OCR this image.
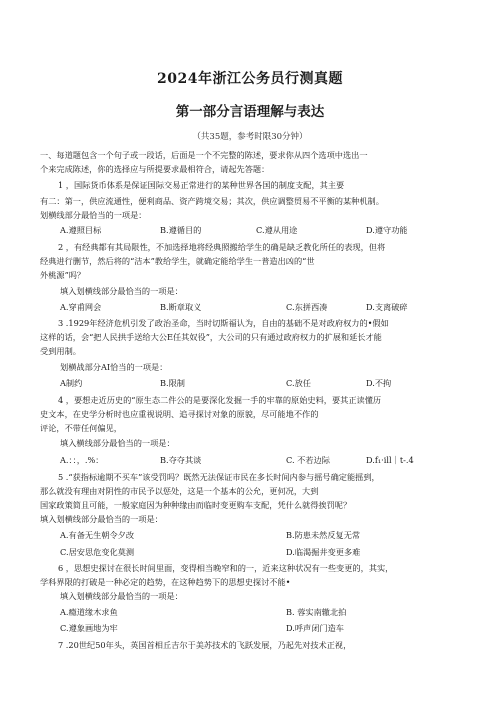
2024年浙江公务员行测真题
第一部分言语理解与表达
（共35题，参考时限30分钟）
一、每道题包含一个句子或一段话，后面是一个不完整的陈述，要求你从四个选项中选出一
个来完成陈述，你的选择应与所提要求最相符合，请起先答题：
1 ，国际货币体系是保证国际交易正常进行的某种世界各国的制度支配，其主要
有二：第一，供应流通性，便利商品、资产跨境交易；其次，供应调整贸易不平衡的某种机制。
划横线部分最恰当的一项是：
A.遵照目标	B.遵循目的	C.遵从用途	D.遵守功能
2 ，有经典都有其局限性，不加选择地将经典照搬给学生的确是缺乏教化所任的表现，但将
经典进行删节，然后将的“洁本”教给学生，就确定能给学生一普造出凶的“世
外桃源”吗？
填入划横线部分最恰当的一项是：
A.穿甫网会	B.断章取义	C.东拼西凑	D.支离破碎
3 .1929年经济危机引发了政治圣命，当时切斯福认为，自由的基础不是对政府权力的•假如
这样的话，会“把人民拱手送给大公E任其奴役”，大公司的只有通过政府权力的扩展和延长才能
受到用制。
划横战部分AI恰当的一项是：
A制约	B.限制	C.放任	D.不拘
4 ，要想走近历史的“原生态二件公的是要深化发掘一手的牢靠的原始史料，要其正读懂历
史文本，在史学分析时也应重视说明、追寻探讨对象的原貌，尽可能地不作的
评论，不带任何偏见，
填入横线部分最恰当的一项是：
A.：：，.%：	B.夺夺其谈	C. 不若边际	D.f₁·ill｜t-.4
5 .“获指标逾期不买车”该受罚吗？既然无法保证市民在多长时间内参与摇号确定能摇到，
那么就没有理由对阴性的市民予以惩处，这是一个基本的公允，更何况，大到
国家政策简且可能，一般家庭因为种种缘由而临时变更购车支配，凭什么就得挨罚呢？
填入划横线部分最恰当的一项是：
A.有备无生朝令夕改	B.防患未然反复无常
C.居安思危变化莫测	D.临渴掘井变更多难
6 ，思想史探讨在很长时间里面，变得相当晚窄和的一，近来这种状况有一些变更的，其实，
学科界限的打破是一种必定的趋势，在这种趋势下的思想史探讨不能•
填入划横线部分最恰当的一项是：
A.瘾道缘木求鱼	B. 蓉实南辙北拍
C.遵象画地为牢	D.呼声闭门造车
7 .20世纪50年头，英国首相丘吉尔于美苏技术的飞跃发展，乃起先对技术正视，
